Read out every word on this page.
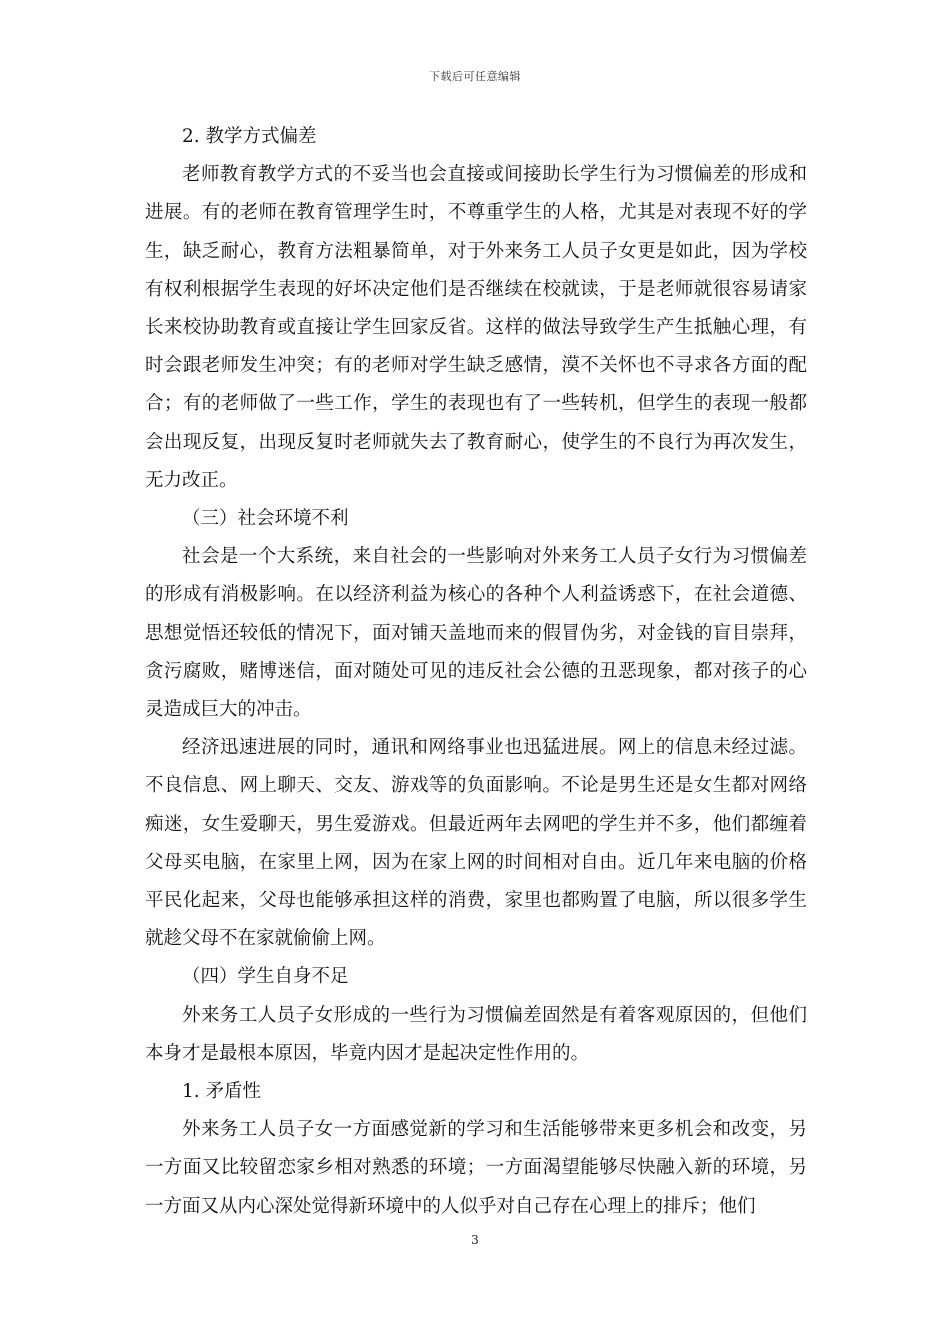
下载后可任意编辑

2. 教学方式偏差

老师教育教学方式的不妥当也会直接或间接助长学生行为习惯偏差的形成和进展。有的老师在教育管理学生时，不尊重学生的人格，尤其是对表现不好的学生，缺乏耐心，教育方法粗暴简单，对于外来务工人员子女更是如此，因为学校有权利根据学生表现的好坏决定他们是否继续在校就读，于是老师就很容易请家长来校协助教育或直接让学生回家反省。这样的做法导致学生产生抵触心理，有时会跟老师发生冲突；有的老师对学生缺乏感情，漠不关怀也不寻求各方面的配合；有的老师做了一些工作，学生的表现也有了一些转机，但学生的表现一般都会出现反复，出现反复时老师就失去了教育耐心，使学生的不良行为再次发生，无力改正。

（三）社会环境不利

社会是一个大系统，来自社会的一些影响对外来务工人员子女行为习惯偏差的形成有消极影响。在以经济利益为核心的各种个人利益诱惑下，在社会道德、思想觉悟还较低的情况下，面对铺天盖地而来的假冒伪劣，对金钱的盲目崇拜，贪污腐败，赌博迷信，面对随处可见的违反社会公德的丑恶现象，都对孩子的心灵造成巨大的冲击。

经济迅速进展的同时，通讯和网络事业也迅猛进展。网上的信息未经过滤。不良信息、网上聊天、交友、游戏等的负面影响。不论是男生还是女生都对网络痴迷，女生爱聊天，男生爱游戏。但最近两年去网吧的学生并不多，他们都缠着父母买电脑，在家里上网，因为在家上网的时间相对自由。近几年来电脑的价格平民化起来，父母也能够承担这样的消费，家里也都购置了电脑，所以很多学生就趁父母不在家就偷偷上网。

（四）学生自身不足

外来务工人员子女形成的一些行为习惯偏差固然是有着客观原因的，但他们本身才是最根本原因，毕竟内因才是起决定性作用的。

1. 矛盾性

外来务工人员子女一方面感觉新的学习和生活能够带来更多机会和改变，另一方面又比较留恋家乡相对熟悉的环境；一方面渴望能够尽快融入新的环境，另一方面又从内心深处觉得新环境中的人似乎对自己存在心理上的排斥；他们

3
